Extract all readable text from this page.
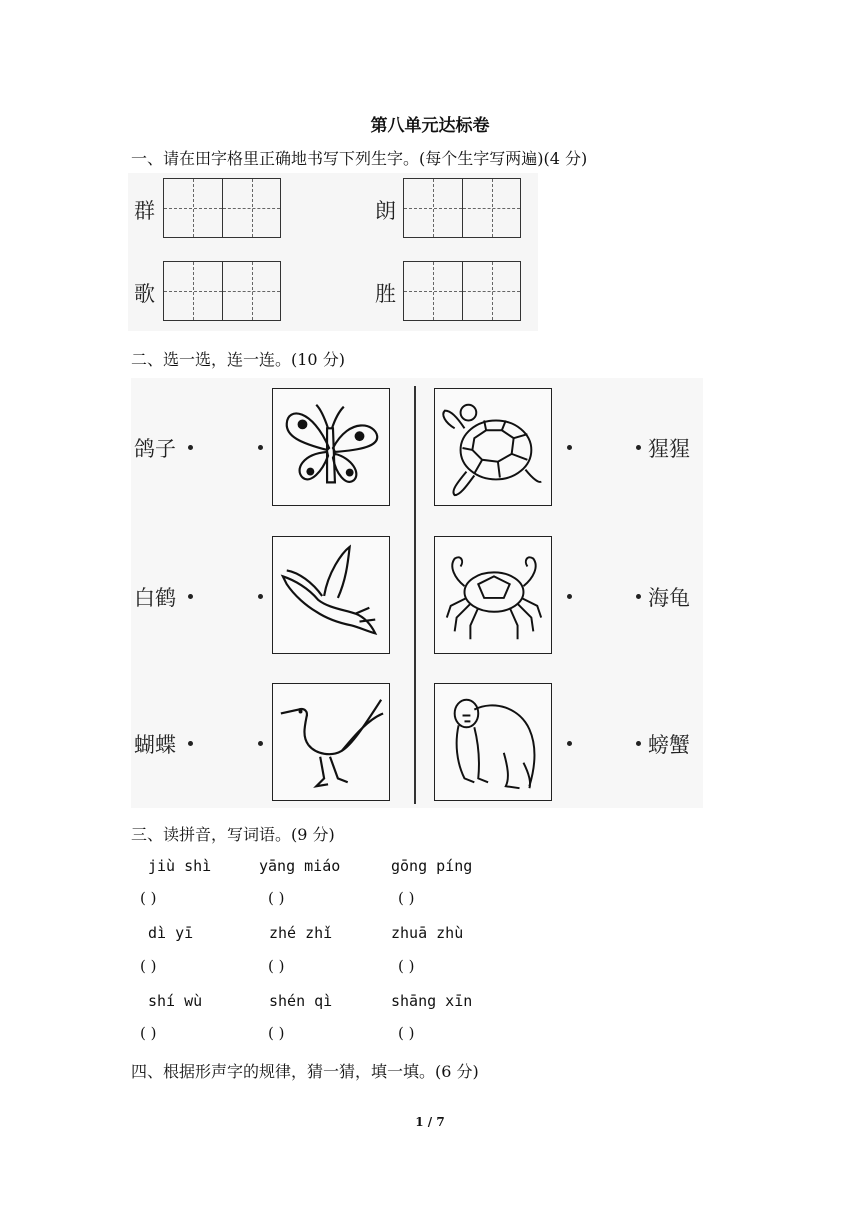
第八单元达标卷
一、请在田字格里正确地书写下列生字。(每个生字写两遍)(4 分)
群	朗
歌	胜
二、选一选，连一连。(10 分)
鸽子
白鹤
蝴蝶
猩猩
海龟
螃蟹
三、读拼音，写词语。(9 分)
jiù shì	yāng miáo	gōng píng
( )	( )	( )
dì yī	zhé zhǐ	zhuā zhù
( )	( )	( )
shí wù	shén qì	shāng xīn
( )	( )	( )
四、根据形声字的规律，猜一猜，填一填。(6 分)
1 / 7
